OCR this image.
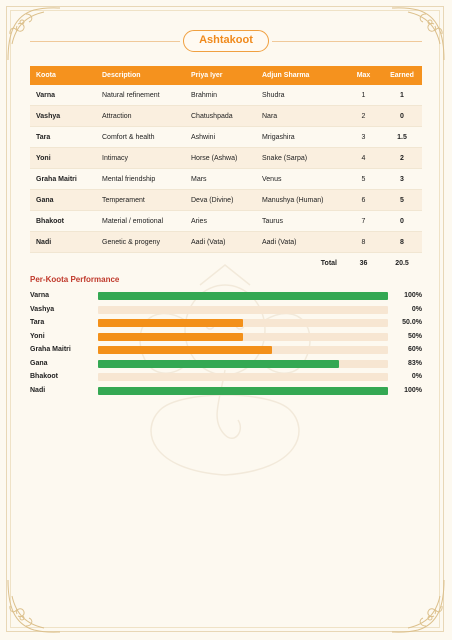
Ashtakoot
Koota	Description	Priya Iyer	Adjun Sharma	Max	Earned
Varna	Natural refinement	Brahmin	Shudra	1	1
Vashya	Attraction	Chatushpada	Nara	2	0
Tara	Comfort & health	Ashwini	Mrigashira	3	1.5
Yoni	Intimacy	Horse (Ashwa)	Snake (Sarpa)	4	2
Graha Maitri	Mental friendship	Mars	Venus	5	3
Gana	Temperament	Deva (Divine)	Manushya (Human)	6	5
Bhakoot	Material / emotional	Aries	Taurus	7	0
Nadi	Genetic & progeny	Aadi (Vata)	Aadi (Vata)	8	8
			Total	36	20.5
Per-Koota Performance
Varna	100%
Vashya	0%
Tara	50.0%
Yoni	50%
Graha Maitri	60%
Gana	83%
Bhakoot	0%
Nadi	100%
